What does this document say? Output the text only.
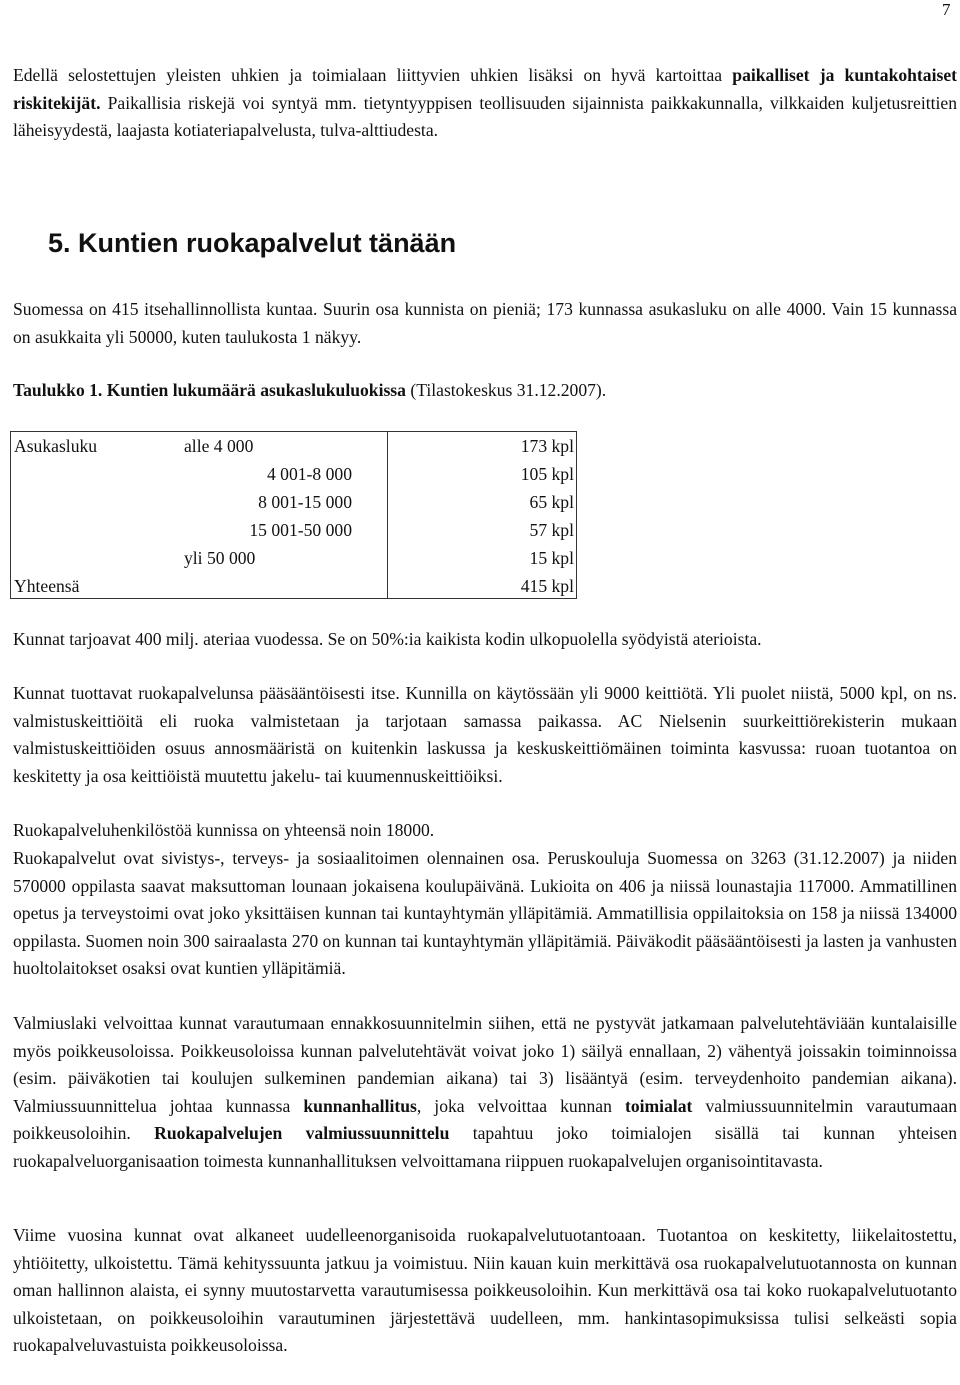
7
Edellä selostettujen yleisten uhkien ja toimialaan liittyvien uhkien lisäksi on hyvä kartoittaa paikalliset ja kuntakohtaiset riskitekijät. Paikallisia riskejä voi syntyä mm. tietyntyyppisen teollisuuden sijainnista paikkakunnalla, vilkkaiden kuljetusreittien läheisyydestä, laajasta kotiateriapalvelusta, tulva-alttiudesta.
5. Kuntien ruokapalvelut tänään
Suomessa on 415 itsehallinnollista kuntaa. Suurin osa kunnista on pieniä; 173 kunnassa asukasluku on alle 4000. Vain 15 kunnassa on asukkaita yli 50000, kuten taulukosta 1 näkyy.
Taulukko 1. Kuntien lukumäärä asukaslukuluokissa (Tilastokeskus 31.12.2007).
Asukasluku	alle 4 000	173 kpl
	4 001-8 000	105 kpl
	8 001-15 000	65 kpl
	15 001-50 000	57 kpl
	yli 50 000	15 kpl
Yhteensä		415 kpl
Kunnat tarjoavat 400 milj. ateriaa vuodessa. Se on 50%:ia kaikista kodin ulkopuolella syödyistä aterioista.
Kunnat tuottavat ruokapalvelunsa pääsääntöisesti itse. Kunnilla on käytössään yli 9000 keittiötä. Yli puolet niistä, 5000 kpl, on ns. valmistuskeittiöitä eli ruoka valmistetaan ja tarjotaan samassa paikassa. AC Nielsenin suurkeittiörekisterin mukaan valmistuskeittiöiden osuus annosmääristä on kuitenkin laskussa ja keskuskeittiömäinen toiminta kasvussa: ruoan tuotantoa on keskitetty ja osa keittiöistä muutettu jakelu- tai kuumennuskeittiöiksi.
Ruokapalveluhenkilöstöä kunnissa on yhteensä noin 18000.
Ruokapalvelut ovat sivistys-, terveys- ja sosiaalitoimen olennainen osa. Peruskouluja Suomessa on 3263 (31.12.2007) ja niiden 570000 oppilasta saavat maksuttoman lounaan jokaisena koulupäivänä. Lukioita on 406 ja niissä lounastajia 117000. Ammatillinen opetus ja terveystoimi ovat joko yksittäisen kunnan tai kuntayhtymän ylläpitämiä. Ammatillisia oppilaitoksia on 158 ja niissä 134000 oppilasta. Suomen noin 300 sairaalasta 270 on kunnan tai kuntayhtymän ylläpitämiä. Päiväkodit pääsääntöisesti ja lasten ja vanhusten huoltolaitokset osaksi ovat kuntien ylläpitämiä.
Valmiuslaki velvoittaa kunnat varautumaan ennakkosuunnitelmin siihen, että ne pystyvät jatkamaan palvelutehtäviään kuntalaisille myös poikkeusoloissa. Poikkeusoloissa kunnan palvelutehtävät voivat joko 1) säilyä ennallaan, 2) vähentyä joissakin toiminnoissa (esim. päiväkotien tai koulujen sulkeminen pandemian aikana) tai 3) lisääntyä (esim. terveydenhoito pandemian aikana). Valmiussuunnittelua johtaa kunnassa kunnanhallitus, joka velvoittaa kunnan toimialat valmiussuunnitelmin varautumaan poikkeusoloihin. Ruokapalvelujen valmiussuunnittelu tapahtuu joko toimialojen sisällä tai kunnan yhteisen ruokapalveluorganisaation toimesta kunnanhallituksen velvoittamana riippuen ruokapalvelujen organisointitavasta.
Viime vuosina kunnat ovat alkaneet uudelleenorganisoida ruokapalvelutuotantoaan. Tuotantoa on keskitetty, liikelaitostettu, yhtiöitetty, ulkoistettu. Tämä kehityssuunta jatkuu ja voimistuu. Niin kauan kuin merkittävä osa ruokapalvelutuotannosta on kunnan oman hallinnon alaista, ei synny muutostarvetta varautumisessa poikkeusoloihin. Kun merkittävä osa tai koko ruokapalvelutuotanto ulkoistetaan, on poikkeusoloihin varautuminen järjestettävä uudelleen, mm. hankintasopimuksissa tulisi selkeästi sopia ruokapalveluvastuista poikkeusoloissa.
